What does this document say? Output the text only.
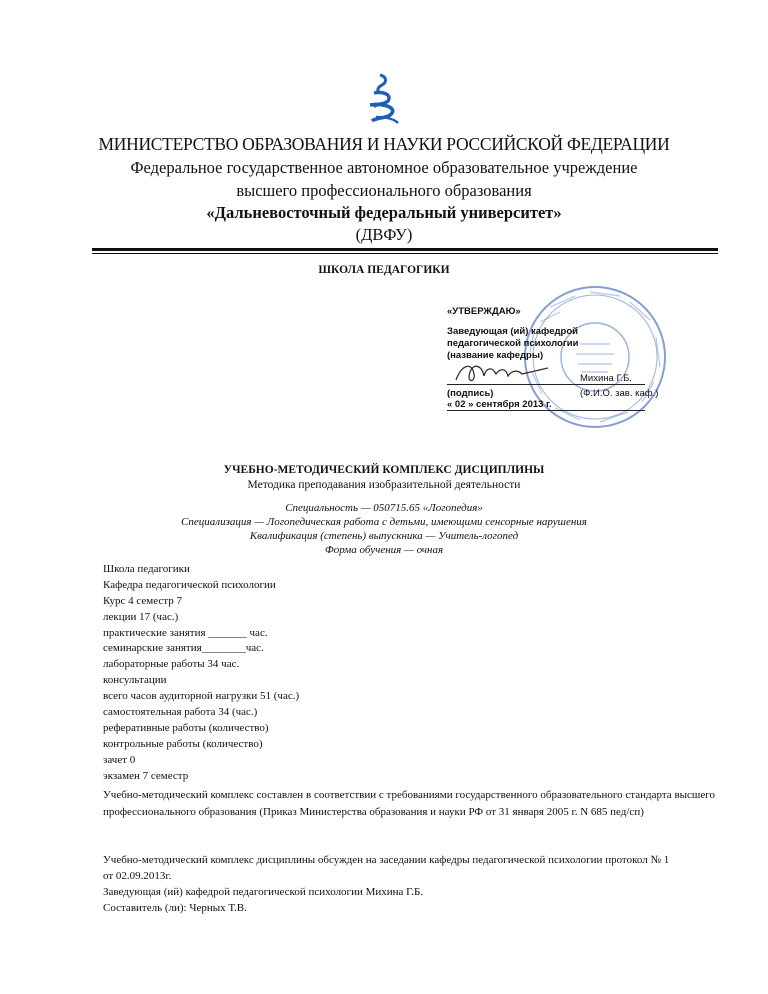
МИНИСТЕРСТВО ОБРАЗОВАНИЯ И НАУКИ РОССИЙСКОЙ ФЕДЕРАЦИИ
Федеральное государственное автономное образовательное учреждение
высшего профессионального образования
«Дальневосточный федеральный университет»
(ДВФУ)
ШКОЛА ПЕДАГОГИКИ
«УТВЕРЖДАЮ»
Заведующая (ий) кафедрой
педагогической психологии
(название кафедры)
Михина Г.Б.
(подпись)	(Ф.И.О. зав. каф.)
« 02 » сентября 2013 г.
УЧЕБНО-МЕТОДИЧЕСКИЙ КОМПЛЕКС ДИСЦИПЛИНЫ
Методика преподавания изобразительной деятельности
Специальность — 050715.65 «Логопедия»
Специализация — Логопедическая работа с детьми, имеющими сенсорные нарушения
Квалификация (степень) выпускника — Учитель-логопед
Форма обучения — очная
Школа педагогики
Кафедра педагогической психологии
Курс 4 семестр 7
лекции 17 (час.)
практические занятия _______ час.
семинарские занятия________час.
лабораторные работы 34 час.
консультации
всего часов аудиторной нагрузки 51 (час.)
самостоятельная работа 34 (час.)
реферативные работы (количество)
контрольные работы (количество)
зачет 0
экзамен 7 семестр
Учебно-методический комплекс составлен в соответствии с требованиями государственного образовательного стандарта высшего профессионального образования (Приказ Министерства образования и науки РФ от 31 января 2005 г. N 685 пед/сп)
Учебно-методический комплекс дисциплины обсужден на заседании кафедры педагогической психологии протокол № 1
от 02.09.2013г.
Заведующая (ий) кафедрой педагогической психологии Михина Г.Б.
Составитель (ли): Черных Т.В.
